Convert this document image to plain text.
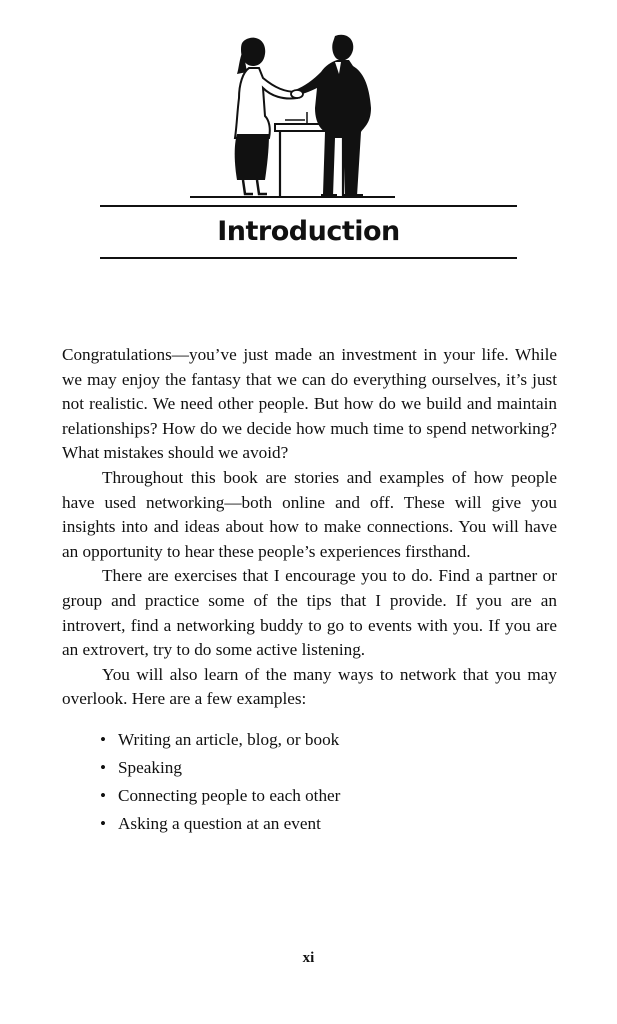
Introduction

Congratulations—you’ve just made an investment in your life. While we may enjoy the fantasy that we can do everything ourselves, it’s just not realistic. We need other people. But how do we build and maintain relationships? How do we decide how much time to spend networking? What mistakes should we avoid?

Throughout this book are stories and examples of how people have used networking—both online and off. These will give you insights into and ideas about how to make connections. You will have an opportunity to hear these people’s experiences firsthand.

There are exercises that I encourage you to do. Find a partner or group and practice some of the tips that I provide. If you are an introvert, find a networking buddy to go to events with you. If you are an extrovert, try to do some active listening.

You will also learn of the many ways to network that you may overlook. Here are a few examples:

• Writing an article, blog, or book
• Speaking
• Connecting people to each other
• Asking a question at an event
xi
